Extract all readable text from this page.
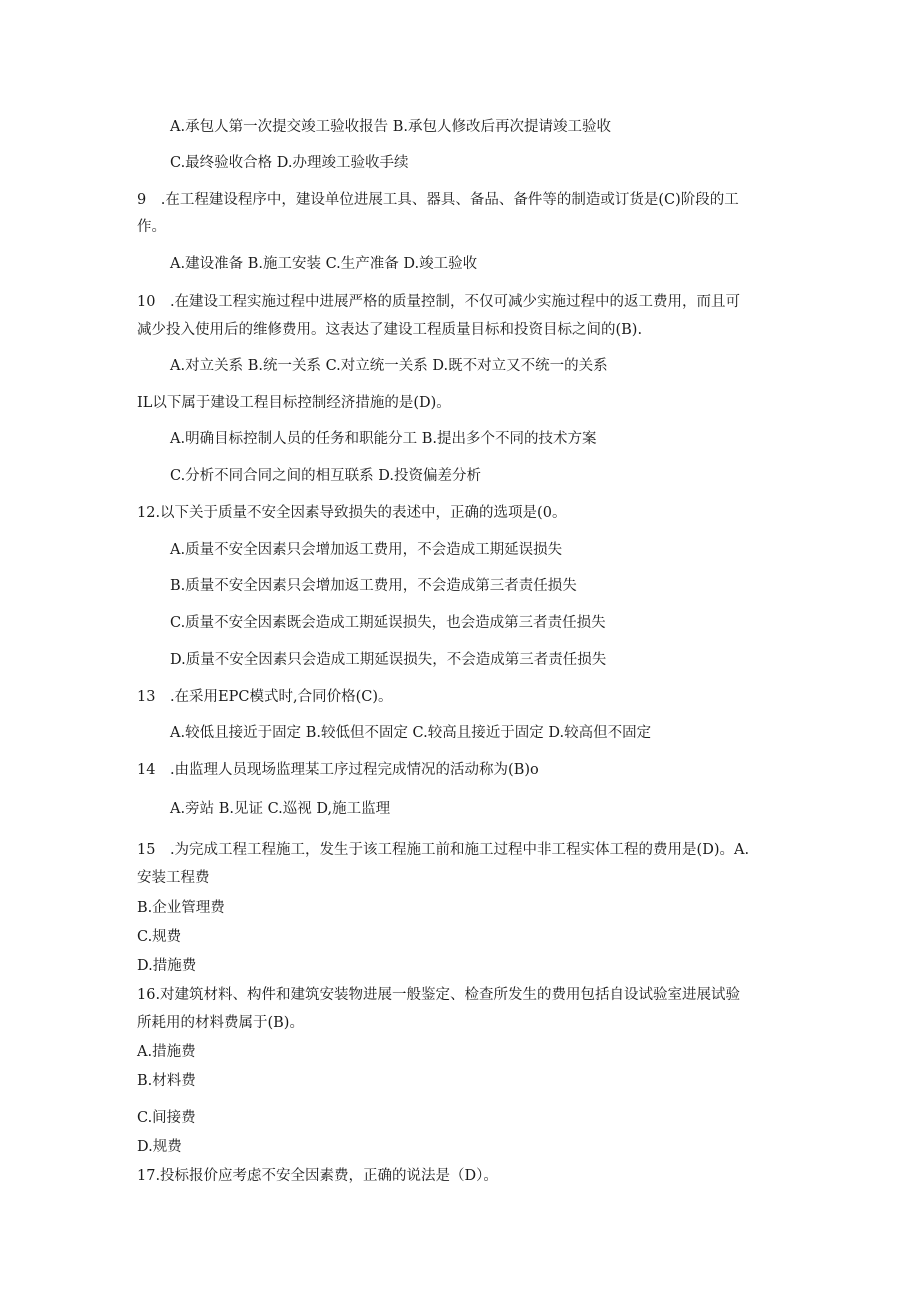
A.承包人第一次提交竣工验收报告 B.承包人修改后再次提请竣工验收
C.最终验收合格 D.办理竣工验收手续
9　.在工程建设程序中，建设单位进展工具、器具、备品、备件等的制造或订货是(C)阶段的工
作。
A.建设准备 B.施工安装 C.生产准备 D.竣工验收
10　.在建设工程实施过程中进展严格的质量控制，不仅可减少实施过程中的返工费用，而且可
减少投入使用后的维修费用。这表达了建设工程质量目标和投资目标之间的(B).
A.对立关系 B.统一关系 C.对立统一关系 D.既不对立又不统一的关系
IL以下属于建设工程目标控制经济措施的是(D)。
A.明确目标控制人员的任务和职能分工 B.提出多个不同的技术方案
C.分析不同合同之间的相互联系 D.投资偏差分析
12.以下关于质量不安全因素导致损失的表述中，正确的选项是(0。
A.质量不安全因素只会增加返工费用，不会造成工期延误损失
B.质量不安全因素只会增加返工费用，不会造成第三者责任损失
C.质量不安全因素既会造成工期延误损失，也会造成第三者责任损失
D.质量不安全因素只会造成工期延误损失，不会造成第三者责任损失
13　.在采用EPC模式时,合同价格(C)。
A.较低且接近于固定 B.较低但不固定 C.较高且接近于固定 D.较高但不固定
14　.由监理人员现场监理某工序过程完成情况的活动称为(B)o
A.旁站 B.见证 C.巡视 D,施工监理
15　.为完成工程工程施工，发生于该工程施工前和施工过程中非工程实体工程的费用是(D)。A.
安装工程费
B.企业管理费
C.规费
D.措施费
16.对建筑材料、构件和建筑安装物进展一般鉴定、检查所发生的费用包括自设试验室进展试验
所耗用的材料费属于(B)。
A.措施费
B.材料费
C.间接费
D.规费
17.投标报价应考虑不安全因素费，正确的说法是（D）。
